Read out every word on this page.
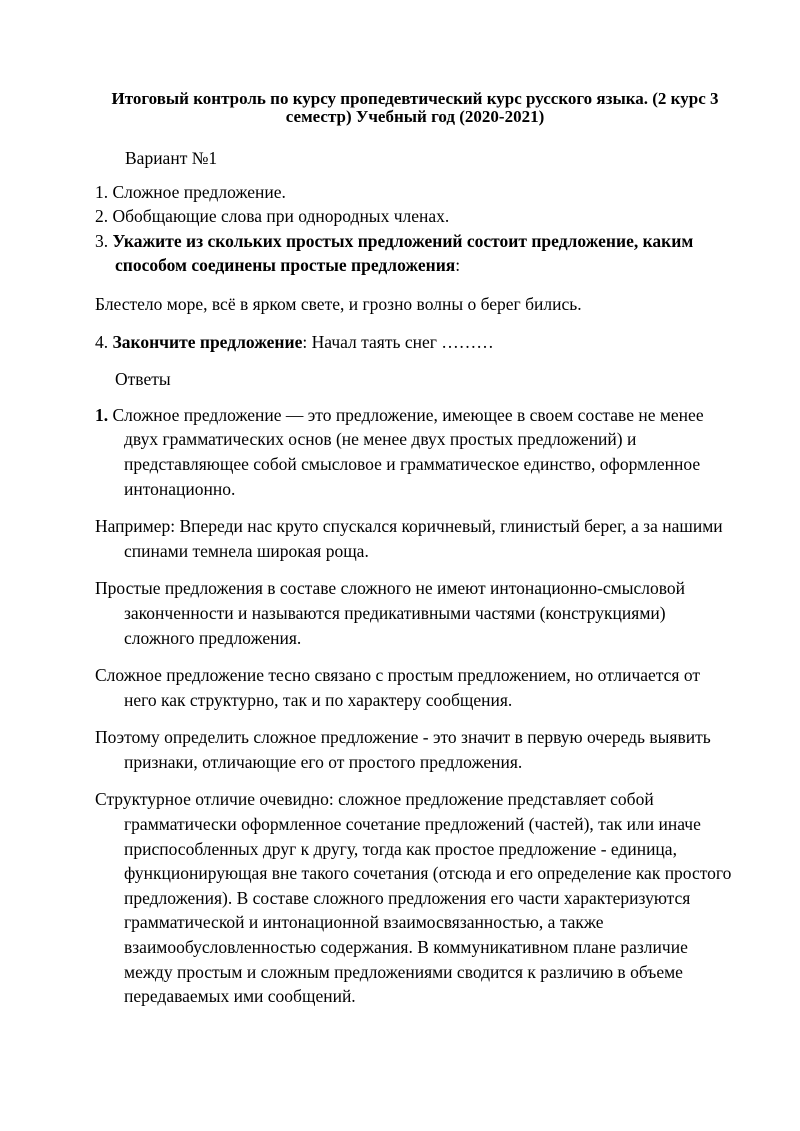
Итоговый контроль по курсу пропедевтический курс русского языка. (2 курс 3 семестр) Учебный год (2020-2021)
Вариант №1
1. Сложное предложение.
2. Обобщающие слова при однородных членах.
3. Укажите из скольких простых предложений состоит предложение, каким способом соединены простые предложения:
Блестело море, всё в ярком свете, и грозно волны о берег бились.
4. Закончите предложение: Начал таять снег ………
Ответы
1. Сложное предложение — это предложение, имеющее в своем составе не менее двух грамматических основ (не менее двух простых предложений) и представляющее собой смысловое и грамматическое единство, оформленное интонационно.
Например: Впереди нас круто спускался коричневый, глинистый берег, а за нашими спинами темнела широкая роща.
Простые предложения в составе сложного не имеют интонационно-смысловой законченности и называются предикативными частями (конструкциями) сложного предложения.
Сложное предложение тесно связано с простым предложением, но отличается от него как структурно, так и по характеру сообщения.
Поэтому определить сложное предложение - это значит в первую очередь выявить признаки, отличающие его от простого предложения.
Структурное отличие очевидно: сложное предложение представляет собой грамматически оформленное сочетание предложений (частей), так или иначе приспособленных друг к другу, тогда как простое предложение - единица, функционирующая вне такого сочетания (отсюда и его определение как простого предложения). В составе сложного предложения его части характеризуются грамматической и интонационной взаимосвязанностью, а также взаимообусловленностью содержания. В коммуникативном плане различие между простым и сложным предложениями сводится к различию в объеме передаваемых ими сообщений.
